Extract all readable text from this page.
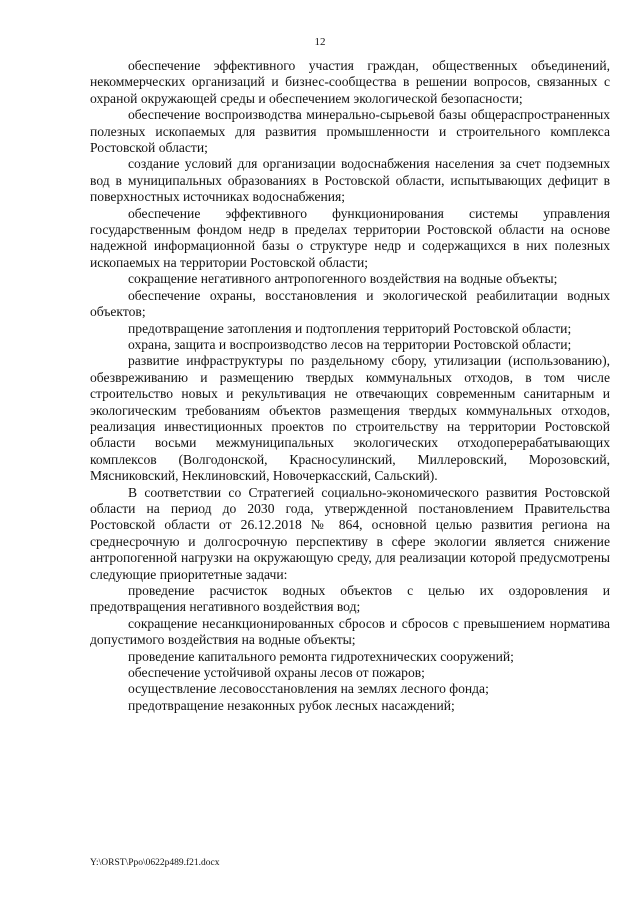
12

обеспечение эффективного участия граждан, общественных объединений, некоммерческих организаций и бизнес-сообщества в решении вопросов, связанных с охраной окружающей среды и обеспечением экологической безопасности;

обеспечение воспроизводства минерально-сырьевой базы общераспространенных полезных ископаемых для развития промышленности и строительного комплекса Ростовской области;

создание условий для организации водоснабжения населения за счет подземных вод в муниципальных образованиях в Ростовской области, испытывающих дефицит в поверхностных источниках водоснабжения;

обеспечение эффективного функционирования системы управления государственным фондом недр в пределах территории Ростовской области на основе надежной информационной базы о структуре недр и содержащихся в них полезных ископаемых на территории Ростовской области;

сокращение негативного антропогенного воздействия на водные объекты;

обеспечение охраны, восстановления и экологической реабилитации водных объектов;

предотвращение затопления и подтопления территорий Ростовской области;

охрана, защита и воспроизводство лесов на территории Ростовской области;

развитие инфраструктуры по раздельному сбору, утилизации (использованию), обезвреживанию и размещению твердых коммунальных отходов, в том числе строительство новых и рекультивация не отвечающих современным санитарным и экологическим требованиям объектов размещения твердых коммунальных отходов, реализация инвестиционных проектов по строительству на территории Ростовской области восьми межмуниципальных экологических отходоперерабатывающих комплексов (Волгодонской, Красносулинский, Миллеровский, Морозовский, Мясниковский, Неклиновский, Новочеркасский, Сальский).

В соответствии со Стратегией социально-экономического развития Ростовской области на период до 2030 года, утвержденной постановлением Правительства Ростовской области от 26.12.2018 № 864, основной целью развития региона на среднесрочную и долгосрочную перспективу в сфере экологии является снижение антропогенной нагрузки на окружающую среду, для реализации которой предусмотрены следующие приоритетные задачи:

проведение расчисток водных объектов с целью их оздоровления и предотвращения негативного воздействия вод;

сокращение несанкционированных сбросов и сбросов с превышением норматива допустимого воздействия на водные объекты;

проведение капитального ремонта гидротехнических сооружений;

обеспечение устойчивой охраны лесов от пожаров;

осуществление лесовосстановления на землях лесного фонда;

предотвращение незаконных рубок лесных насаждений;

Y:\ORST\Ppo\0622p489.f21.docx
